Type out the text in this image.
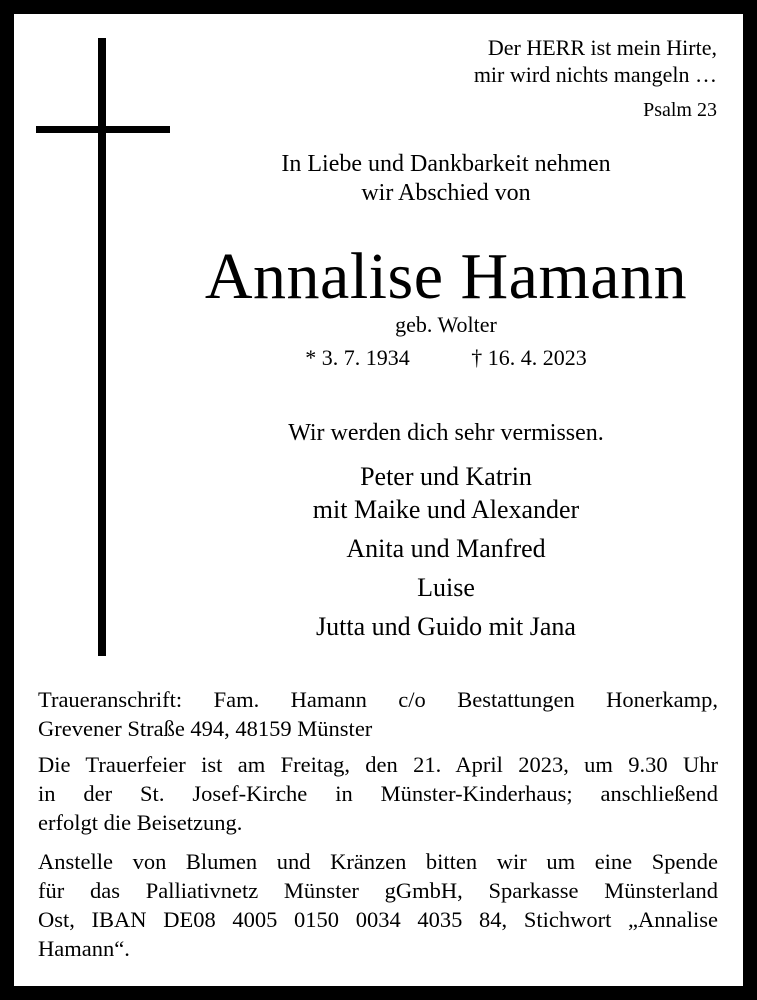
Der HERR ist mein Hirte,
mir wird nichts mangeln …
Psalm 23
In Liebe und Dankbarkeit nehmen
wir Abschied von
Annalise Hamann
geb. Wolter
* 3. 7. 1934	† 16. 4. 2023
Wir werden dich sehr vermissen.
Peter und Katrin
mit Maike und Alexander
Anita und Manfred
Luise
Jutta und Guido mit Jana
Traueranschrift: Fam. Hamann c/o Bestattungen Honerkamp,
Grevener Straße 494, 48159 Münster
Die Trauerfeier ist am Freitag, den 21. April 2023, um 9.30 Uhr
in der St. Josef-Kirche in Münster-Kinderhaus; anschließend
erfolgt die Beisetzung.
Anstelle von Blumen und Kränzen bitten wir um eine Spende
für das Palliativnetz Münster gGmbH, Sparkasse Münsterland
Ost, IBAN DE08 4005 0150 0034 4035 84, Stichwort „Annalise
Hamann“.
